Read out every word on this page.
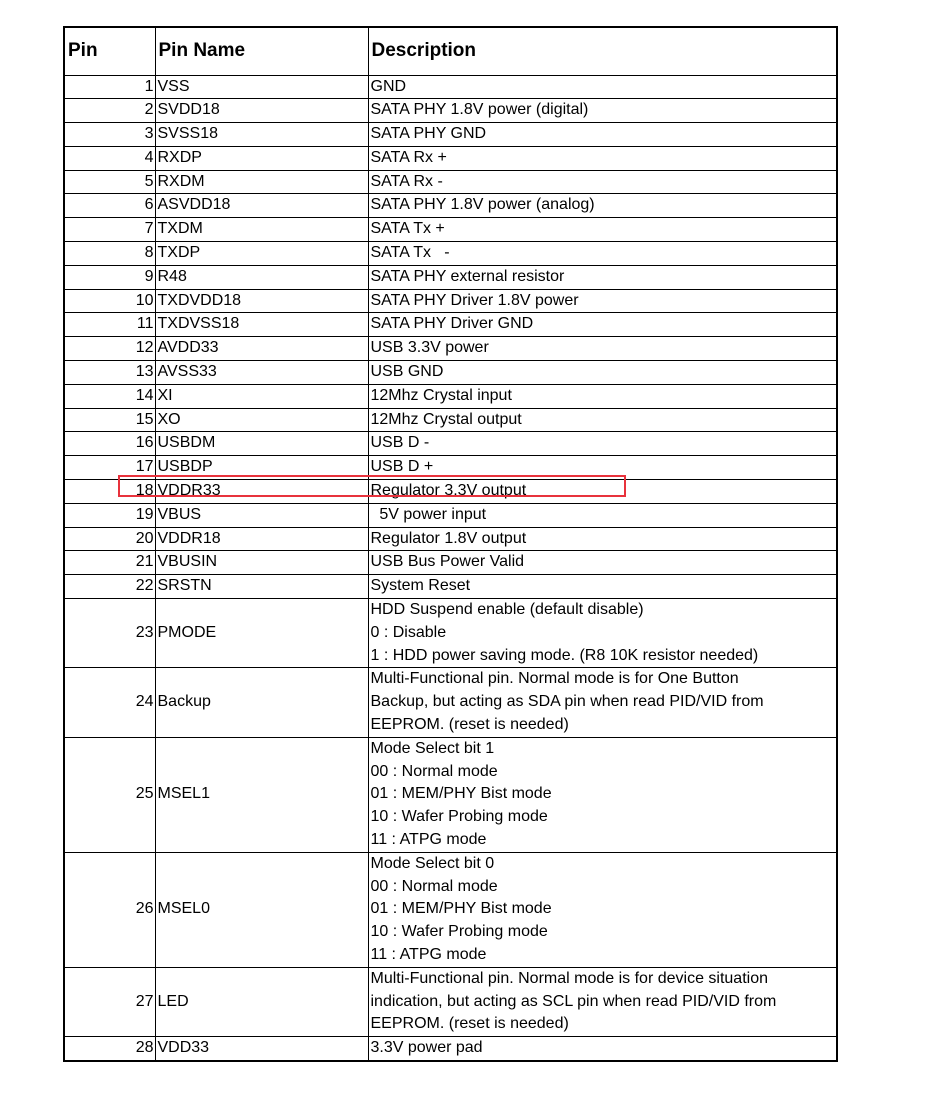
Pin	Pin Name	Description
1	VSS	GND

2	SVDD18	SATA PHY 1.8V power (digital)

3	SVSS18	SATA PHY GND

4	RXDP	SATA Rx +

5	RXDM	SATA Rx -

6	ASVDD18	SATA PHY 1.8V power (analog)

7	TXDM	SATA Tx +

8	TXDP	SATA Tx   -

9	R48	SATA PHY external resistor

10	TXDVDD18	SATA PHY Driver 1.8V power

11	TXDVSS18	SATA PHY Driver GND

12	AVDD33	USB 3.3V power

13	AVSS33	USB GND

14	XI	12Mhz Crystal input

15	XO	12Mhz Crystal output

16	USBDM	USB D -

17	USBDP	USB D +

18	VDDR33	Regulator 3.3V output

19	VBUS	5V power input

20	VDDR18	Regulator 1.8V output

21	VBUSIN	USB Bus Power Valid

22	SRSTN	System Reset

23	PMODE	HDD Suspend enable (default disable)
0 : Disable
1 : HDD power saving mode. (R8 10K resistor needed)

24	Backup	Multi-Functional pin. Normal mode is for One Button
Backup, but acting as SDA pin when read PID/VID from
EEPROM. (reset is needed)

25	MSEL1	Mode Select bit 1
00 : Normal mode
01 : MEM/PHY Bist mode
10 : Wafer Probing mode
11 : ATPG mode

26	MSEL0	Mode Select bit 0
00 : Normal mode
01 : MEM/PHY Bist mode
10 : Wafer Probing mode
11 : ATPG mode

27	LED	Multi-Functional pin. Normal mode is for device situation
indication, but acting as SCL pin when read PID/VID from
EEPROM. (reset is needed)

28	VDD33	3.3V power pad
